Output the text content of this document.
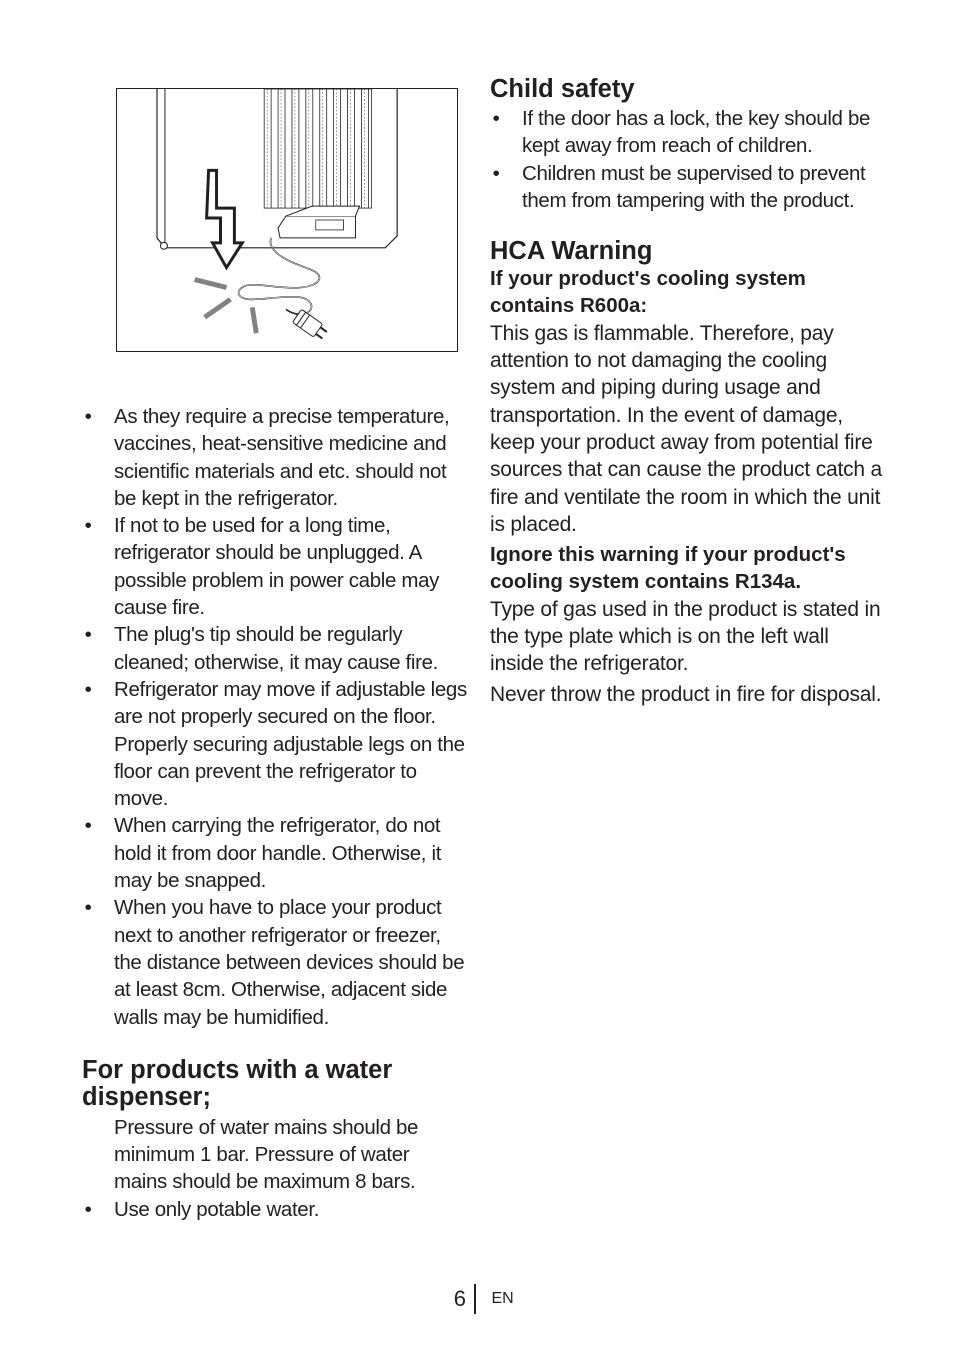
• As they require a precise temperature, vaccines, heat-sensitive medicine and scientific materials and etc. should not be kept in the refrigerator.
• If not to be used for a long time, refrigerator should be unplugged. A possible problem in power cable may cause fire.
• The plug's tip should be regularly cleaned; otherwise, it may cause fire.
• Refrigerator may move if adjustable legs are not properly secured on the floor. Properly securing adjustable legs on the floor can prevent the refrigerator to move.
• When carrying the refrigerator, do not hold it from door handle. Otherwise, it may be snapped.
• When you have to place your product next to another refrigerator or freezer, the distance between devices should be at least 8cm. Otherwise, adjacent side walls may be humidified.
For products with a water
dispenser;
Pressure of water mains should be minimum 1 bar. Pressure of water mains should be maximum 8 bars.
• Use only potable water.
Child safety
• If the door has a lock, the key should be kept away from reach of children.
• Children must be supervised to prevent them from tampering with the product.
HCA Warning

If your product's cooling system contains R600a:

This gas is flammable. Therefore, pay attention to not damaging the cooling system and piping during usage and transportation. In the event of damage, keep your product away from potential fire sources that can cause the product catch a fire and ventilate the room in which the unit is placed.

Ignore this warning if your product's cooling system contains R134a.

Type of gas used in the product is stated in the type plate which is on the left wall inside the refrigerator.

Never throw the product in fire for disposal.

6 EN
